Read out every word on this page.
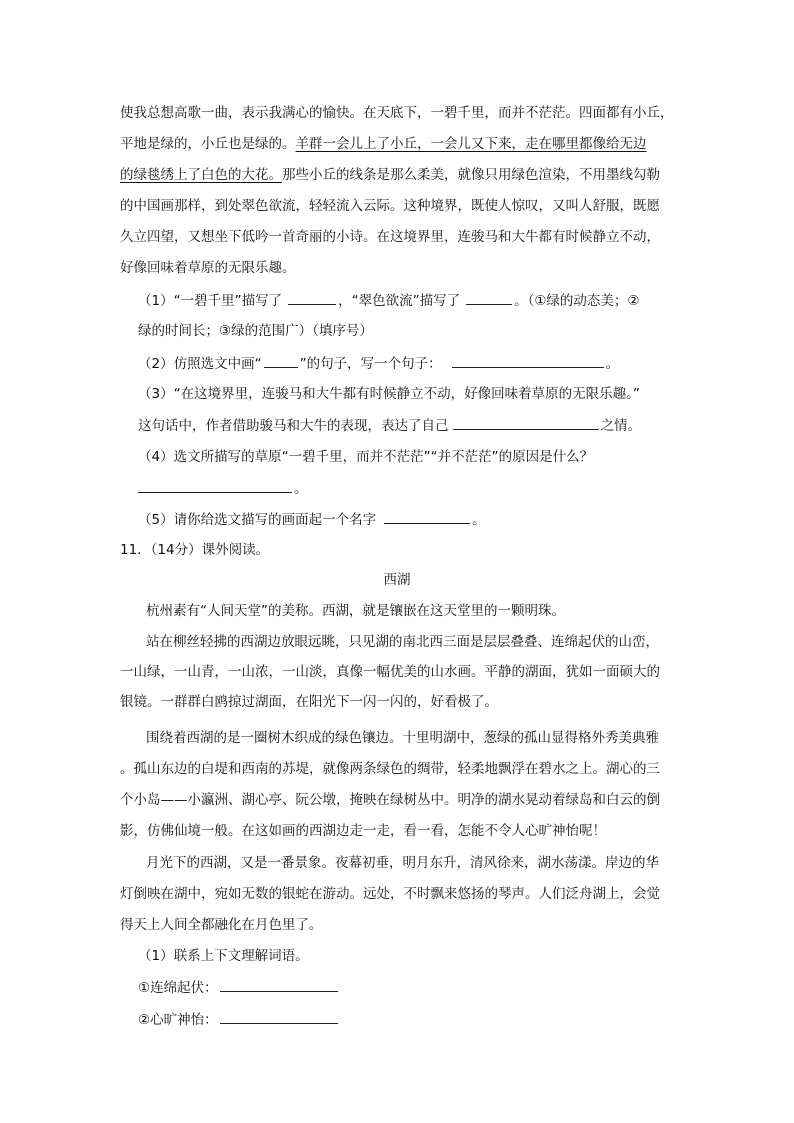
使我总想高歌一曲，表示我满心的愉快。在天底下，一碧千里，而并不茫茫。四面都有小丘，
平地是绿的，小丘也是绿的。羊群一会儿上了小丘，一会儿又下来，走在哪里都像给无边
的绿毯绣上了白色的大花。那些小丘的线条是那么柔美，就像只用绿色渲染，不用墨线勾勒
的中国画那样，到处翠色欲流，轻轻流入云际。这种境界，既使人惊叹，又叫人舒服，既愿
久立四望，又想坐下低吟一首奇丽的小诗。在这境界里，连骏马和大牛都有时候静立不动，
好像回味着草原的无限乐趣。
（1）“一碧千里”描写了	，“翠色欲流”描写了	。（①绿的动态美；②
绿的时间长；③绿的范围广）（填序号）
（2）仿照选文中画“	”的句子，写一个句子：	。
（3）“在这境界里，连骏马和大牛都有时候静立不动，好像回味着草原的无限乐趣。”
这句话中，作者借助骏马和大牛的表现，表达了自己	之情。
（4）选文所描写的草原“一碧千里，而并不茫茫”“并不茫茫”的原因是什么？
。
（5）请你给选文描写的画面起一个名字	。
11．（14分）课外阅读。
西湖
杭州素有“人间天堂”的美称。西湖，就是镶嵌在这天堂里的一颗明珠。
站在柳丝轻拂的西湖边放眼远眺，只见湖的南北西三面是层层叠叠、连绵起伏的山峦，
一山绿，一山青，一山浓，一山淡，真像一幅优美的山水画。平静的湖面，犹如一面硕大的
银镜。一群群白鸥掠过湖面，在阳光下一闪一闪的，好看极了。
围绕着西湖的是一圈树木织成的绿色镶边。十里明湖中，葱绿的孤山显得格外秀美典雅
。孤山东边的白堤和西南的苏堤，就像两条绿色的绸带，轻柔地飘浮在碧水之上。湖心的三
个小岛——小瀛洲、湖心亭、阮公墩，掩映在绿树丛中。明净的湖水晃动着绿岛和白云的倒
影，仿佛仙境一般。在这如画的西湖边走一走，看一看，怎能不令人心旷神怡呢！
月光下的西湖，又是一番景象。夜幕初垂，明月东升，清风徐来，湖水荡漾。岸边的华
灯倒映在湖中，宛如无数的银蛇在游动。远处，不时飘来悠扬的琴声。人们泛舟湖上，会觉
得天上人间全都融化在月色里了。
（1）联系上下文理解词语。
①连绵起伏：
②心旷神怡：
